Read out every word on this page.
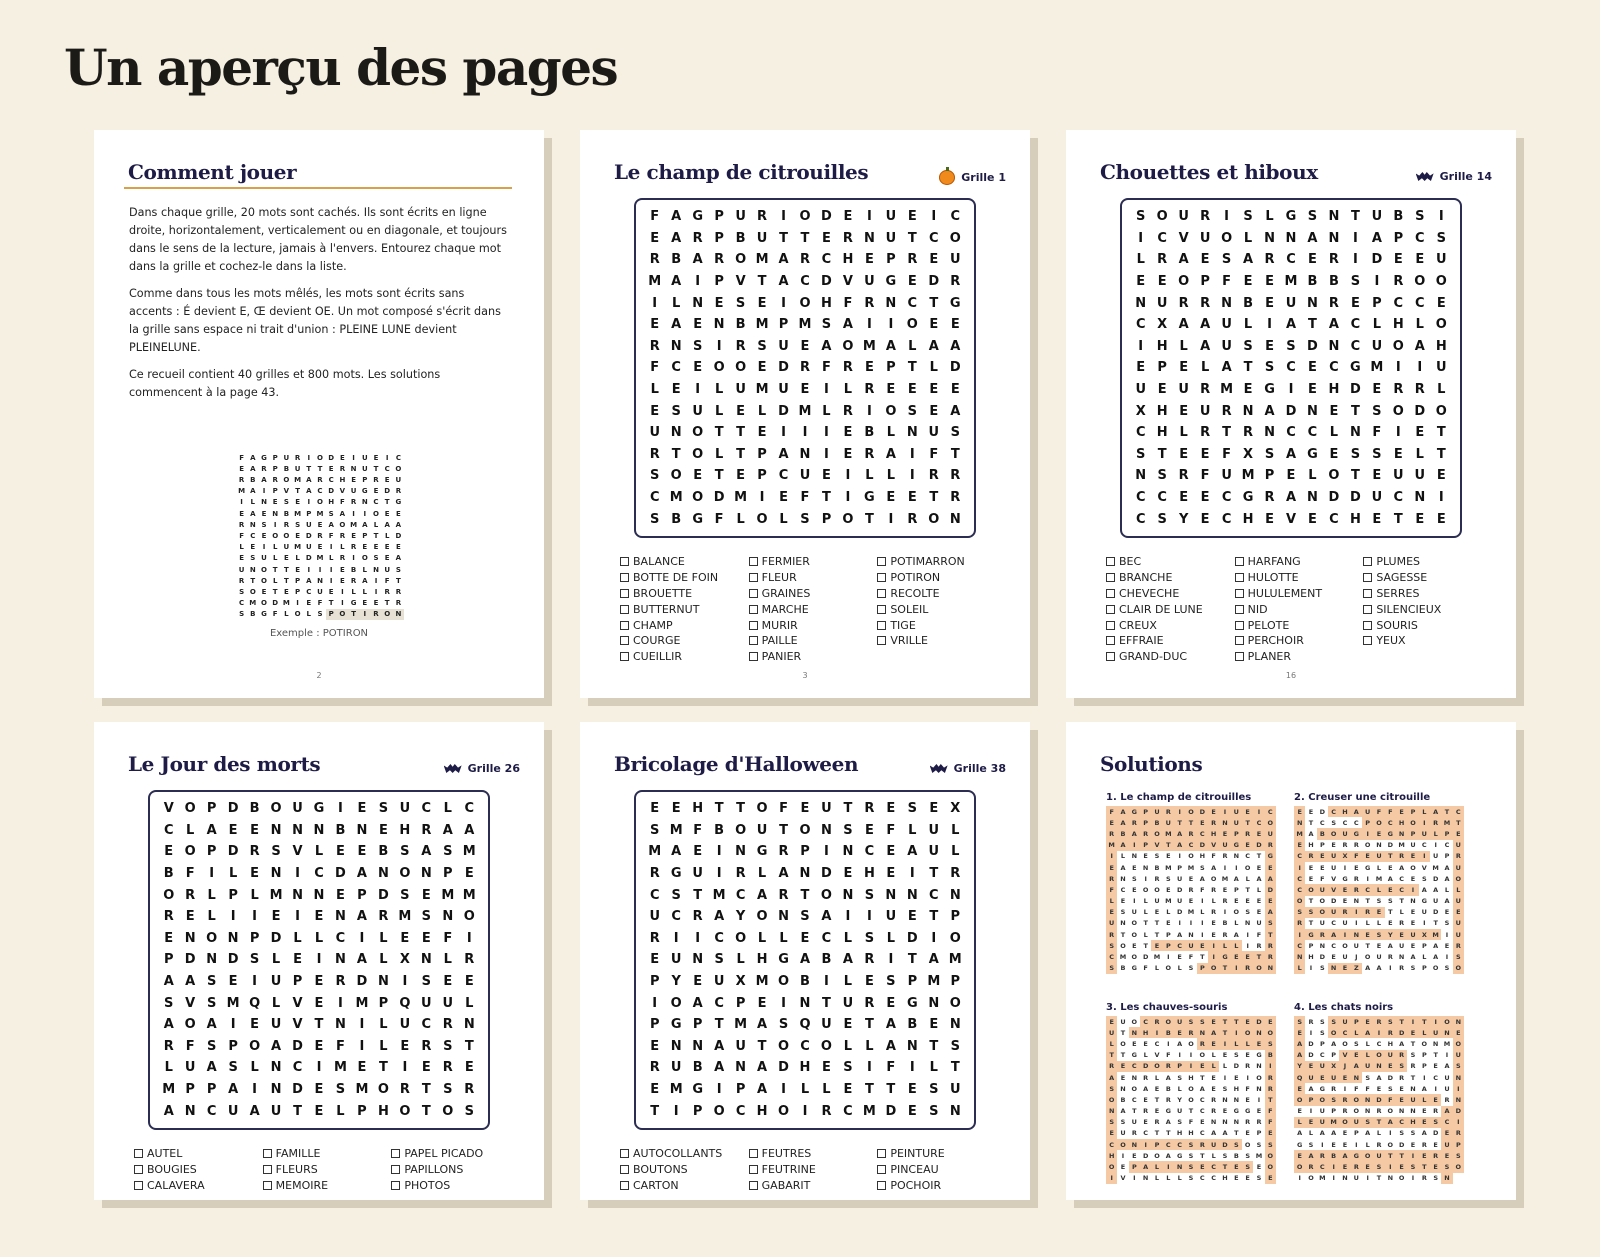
Un aperçu des pages
Comment jouer

Dans chaque grille, 20 mots sont cachés. Ils sont écrits en ligne droite, horizontalement, verticalement ou en diagonale, et toujours dans le sens de la lecture, jamais à l'envers. Entourez chaque mot dans la grille et cochez-le dans la liste.

Comme dans tous les mots mêlés, les mots sont écrits sans accents : É devient E, Œ devient OE. Un mot composé s'écrit dans la grille sans espace ni trait d'union : PLEINE LUNE devient PLEINELUNE.

Ce recueil contient 40 grilles et 800 mots. Les solutions commencent à la page 43.

F A G P U R	I O D E	I	U E	I	C
E A R P B U T T E R N U T C O
R B A R O M A R C H E P R E U
M A	I	P V T A C D V U G E D R
I	L N E S E	I O H F R N C T G
E A E N B M P M S A	I	I O E E
R N S	I	R S U E A O M A L A A
F C E O O E D R F R E P T L D
L E	I	L U M U E	I	L R E E E E
E S U L E L D M L R	I O S E A
U N O T T E	I	I	I	E B L N U S
R T O L T P A N I	E R A	I	F T
S O E T E P C U E	I	L L	I	R R
C M O D M I	E F T	I	G E E T R
S B G F L O L S P O T	I	R O N
Exemple : POTIRON
2
Le champ de citrouilles	Grille 1
F A G P U R	I	O D E	I	U E	I	C
E A R P B U T T E R N U T C O
R B A R O M A R C H E P R E U
M A	I	P V T A C D V U G E D R
I	L N E S E	I	O H F R N C T G
E A E N B M P M S A	I	I	O E E
R N S	I	R S U E A O M A L A A
F C E O O E D R F R E P T L D
L E	I	L U M U E	I	L R E E E E
E S U L E L D M L R	I	O S E A
U N O T T E	I	I	I	E B L N U S
R T O L T P A N	I	E R A	I	F T
S O E T E P C U E	I	L	L	I	R R
C M O D M I	E F T	I	G E E T R
S B G F L O L S P O T	I	R O N
BALANCE
BOTTE DE FOIN
BROUETTE
BUTTERNUT
CHAMP
COURGE
CUEILLIR
FERMIER
FLEUR
GRAINES
MARCHE
MURIR
PAILLE
PANIER
POTIMARRON
POTIRON
RECOLTE
SOLEIL
TIGE
VRILLE
3
Chouettes et hiboux	Grille 14
S O U R	I	S L G S N T U B S	I
I	C V U O L N N A N	I	A P C S
L R A E S A R C E R	I	D E E U
E E O P F E E M B B S	I	R O O
N U R R N B E U N R E P C C E
C X A A U L	I	A T A C L H L O
I	H L A U S E S D N C U O A H
E P E L A T S C E C G M I	I	U
U E U R M E G	I	E H D E R R L
X H E U R N A D N E T S O D O
C H L R T R N C C L N F	I	E T
S T E E F X S A G E S S E L T
N S R F U M P E L O T E U U E
C C E E C G R A N D D U C N	I
C S Y E C H E V E C H E T E E
BEC
BRANCHE
CHEVECHE
CLAIR DE LUNE
CREUX
EFFRAIE
GRAND-DUC
HARFANG
HULOTTE
HULULEMENT
NID
PELOTE
PERCHOIR
PLANER
PLUMES
SAGESSE
SERRES
SILENCIEUX
SOURIS
YEUX
16
Le Jour des morts	Grille 26
V O P D B O U G	I	E S U C L C
C L A E E N N N B N E H R A A
E O P D R S V L E E B S A S M
B F	I	L E N	I	C D A N O N P E
O R L P L M N N E P D S E M M
R E L	I	I	E	I	E N A R M S N O
E N O N P D L	L C	I	L E E F	I
P D N D S L E	I	N A L X N L R
A A S E	I	U P E R D N	I	S E E
S V S M Q L V E	I M P Q U U L
A O A	I	E U V T N	I	L U C R N
R F S P O A D E F	I	L E R S T
L U A S L N C	I M E T	I	E R E
M P P A	I	N D E S M O R T S R
A N C U A U T E L P H O T O S
AUTEL
BOUGIES
CALAVERA
FAMILLE
FLEURS
MEMOIRE
PAPEL PICADO
PAPILLONS
PHOTOS
Bricolage d'Halloween	Grille 38
E E H T T O F E U T R E S E X
S M F B O U T O N S E F L U L
M A E	I	N G R P	I	N C E A U L
R G U	I	R L A N D E H E	I	T R
C S T M C A R T O N S N N C N
U C R A Y O N S A	I	I	U E T P
R	I	I	C O L	L E C L S L D	I	O
E U N S L H G A B A R	I	T A M
P Y E U X M O B	I	L E S P M P
I	O A C P E	I	N T U R E G N O
P G P T M A S Q U E T A B E N
E N N A U T O C O L	L A N T S
R U B A N A D H E S	I	F	I	L T
E M G	I	P A	I	L	L E T T E S U
T	I	P O C H O	I	R C M D E S N
AUTOCOLLANTS
BOUTONS
CARTON
FEUTRES
FEUTRINE
GABARIT
PEINTURE
PINCEAU
POCHOIR
Solutions
1. Le champ de citrouilles
F	A G P U R	I	O D E	I	U E	I	C
E	A R P B U T	T	E	R N U T	C O
R B A R O M A R C H E	P R	E U
M A	I	P V	T	A C D V U G E D R
I	L	N E	S	E	I	O H F	R N C	T G
E	A	E N B M P M S A	I	I	O E	E
R N S	I	R S U E	A O M A	L	A A
F	C	E O O E D R	F	R	E	P	T	L	D
L	E	I	L	U M U E	I	L	R	E	E	E	E
E	S U	L	E	L	D M L	R	I	O S	E	A
U N O T	T	E	I	I	I	E	B	L	N U S
R	T O	L	T	P A N	I	E	R A	I	F	T
S O E	T	E	P	C U E	I	L	L	I	R R
C M O D M	I	E	F	T	I	G E	E	T	R
S	B G F	L O	L	S	P O T	I	R O N
2. Creuser une citrouille
E	E D C H A U F	F	E	P	L	A	T	C
N T	C	S	C	C	P O C H O	I	R M T
M A B O U G	I	E G N P U	L	P	E
E H P	E	R R O N D M U C	I	C U
C R	E U X	F	E U T	R	E	I	U P R
I	E	E U	I	E G	L	E	A O V M A U
C	E	F	V G R	I	M A C	E	S D A O
C O U V	E	R C	L	E	C	I	A A	L	L
O T O D E N T	S	S	T N G U A U
S	S O U R	I	R	E	T	L	E U D E	E
R	T U C U	I	L	L	E	R	E	I	T	S U
I	G R A	I	N E	S	Y	E U X M	I	U
C	P N C O U T	E	A U E	P A	E	R
N H D E U	J	O U R N A	L	A	I	S
L	I	S N E	Z A A	I	R S	P O S O
3. Les chauves-souris
E U O C R O U S	S	E	T	T	E D E
U T N H	I	B	E	R N A	T	I	O N O
L O E	E	C	I	A O R	E	I	L	L	E	S
T	T G	L	V	F	I	I	O	L	E	S	E G B
R	E	C D O R P	I	E	L	L	D R N	I
A	E N R	L	A S H T	E	I	E	I	O R
S N O A	E	B	L O A	E	S H F N R
O B C	E	T	R Y O C R N N E	I	T
N A	T	R	E G U T	C R	E G G E	F
S	S U E	R A S	F	E N N N R R	F
E U R C	T	T H H C A A	T	E	P	E
C O N	I	P	C	C	S R U D S O S	S
H	I	E D O A G S	T	L	S	B	S M O
O E	P A	L	I	N S	E	C	T	E	S	E O
I	V	I	N	L	L	L	S	C	C H E	E	S	E
4. Les chats noirs
S R S	S U P	E	R S	T	I	T	I	O N
E	I	S O C	L	A	I	R D E	L	U N E
A D P A O S	L	C H A	T O N M O
A D C	P V	E	L O U R S	P	T	I	U
Y	E U X	J	A U N E	S R P	E	A S
Q U E U E N S A D R	T	I	C U N
E	A G R	I	F	F	E	S	E N A	I	U	I
O P O S R O N D F	E U	L	E	R N
E	I	U P R O N R O N N E	R A D
L	E U M O U S	T	A C H E	S	C	I
A	L	A A	E	P A	L	I	S	S A D E	R
G S	I	E	E	I	L	R O D E	R	E U P
E	A R B A G O U T	T	I	E	R	E	S
O R C	I	E	R	E	S	I	E	S	T	E	S O
I	O M	I	N U	I	T N O	I	R S N
